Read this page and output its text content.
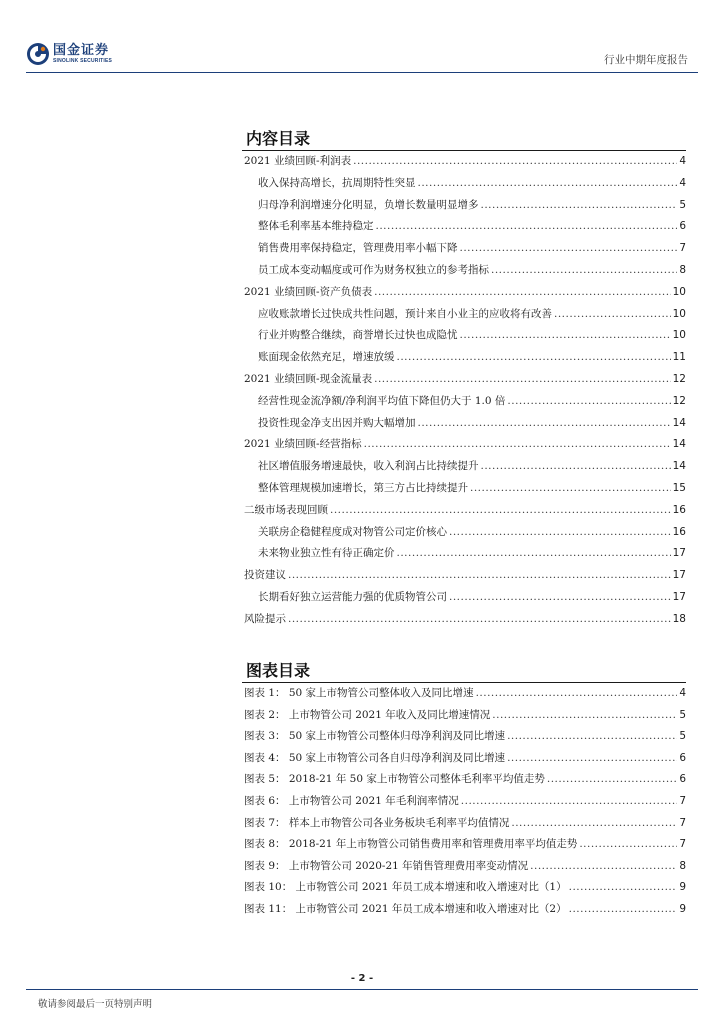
国金证券
SINOLINK SECURITIES	行业中期年度报告
内容目录
2021 业绩回顾-利润表 .....	4
收入保持高增长，抗周期特性突显 .....	4
归母净利润增速分化明显，负增长数量明显增多 .....	5
整体毛利率基本维持稳定 .....	6
销售费用率保持稳定，管理费用率小幅下降 .....	7
员工成本变动幅度或可作为财务权独立的参考指标 .....	8
2021 业绩回顾-资产负债表 .....	10
应收账款增长过快成共性问题，预计来自小业主的应收将有改善 .....	10
行业并购整合继续，商誉增长过快也成隐忧 .....	10
账面现金依然充足，增速放缓 .....	11
2021 业绩回顾-现金流量表 .....	12
经营性现金流净额/净利润平均值下降但仍大于 1.0 倍 .....	12
投资性现金净支出因并购大幅增加 .....	14
2021 业绩回顾-经营指标 .....	14
社区增值服务增速最快，收入利润占比持续提升 .....	14
整体管理规模加速增长，第三方占比持续提升 .....	15
二级市场表现回顾 .....	16
关联房企稳健程度成对物管公司定价核心 .....	16
未来物业独立性有待正确定价 .....	17
投资建议 .....	17
长期看好独立运营能力强的优质物管公司 .....	17
风险提示 .....	18
图表目录
图表 1： 50 家上市物管公司整体收入及同比增速 .....	4
图表 2： 上市物管公司 2021 年收入及同比增速情况 .....	5
图表 3： 50 家上市物管公司整体归母净利润及同比增速 .....	5
图表 4： 50 家上市物管公司各自归母净利润及同比增速 .....	6
图表 5： 2018-21 年 50 家上市物管公司整体毛利率平均值走势 .....	6
图表 6： 上市物管公司 2021 年毛利润率情况 .....	7
图表 7： 样本上市物管公司各业务板块毛利率平均值情况 .....	7
图表 8： 2018-21 年上市物管公司销售费用率和管理费用率平均值走势 .....	7
图表 9： 上市物管公司 2020-21 年销售管理费用率变动情况 .....	8
图表 10： 上市物管公司 2021 年员工成本增速和收入增速对比（1） .....	9
图表 11： 上市物管公司 2021 年员工成本增速和收入增速对比（2） .....	9
- 2 -
敬请参阅最后一页特别声明
